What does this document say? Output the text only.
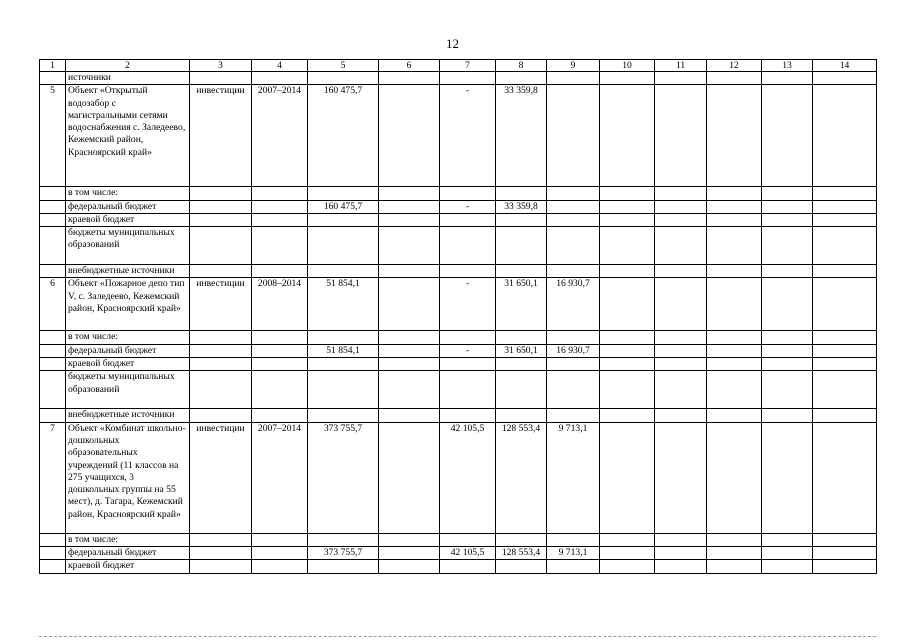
12
1	2	3	4	5	6	7	8	9	10	11	12	13	14
	источники												
5	Объект «Открытый водозабор с магистральными сетями водоснабжения с. Заледеево, Кежемский район, Красноярский край»	инвестиции	2007–2014	160 475,7		-	33 359,8						
	в том числе:												
	федеральный бюджет			160 475,7		-	33 359,8						
	краевой бюджет												
	бюджеты муниципальных образований												
	внебюджетные источники												
6	Объект «Пожарное депо тип V, с. Заледеево, Кежемский район, Красноярский край»	инвестиции	2008–2014	51 854,1		-	31 650,1	16 930,7					
	в том числе:												
	федеральный бюджет			51 854,1		-	31 650,1	16 930,7					
	краевой бюджет												
	бюджеты муниципальных образований												
	внебюджетные источники												
7	Объект «Комбинат школьно-дошкольных образовательных учреждений (11 классов на 275 учащихся, 3 дошкольных группы на 55 мест), д. Тагара, Кежемский район, Красноярский край»	инвестиции	2007–2014	373 755,7		42 105,5	128 553,4	9 713,1					
	в том числе:												
	федеральный бюджет			373 755,7		42 105,5	128 553,4	9 713,1					
	краевой бюджет												
